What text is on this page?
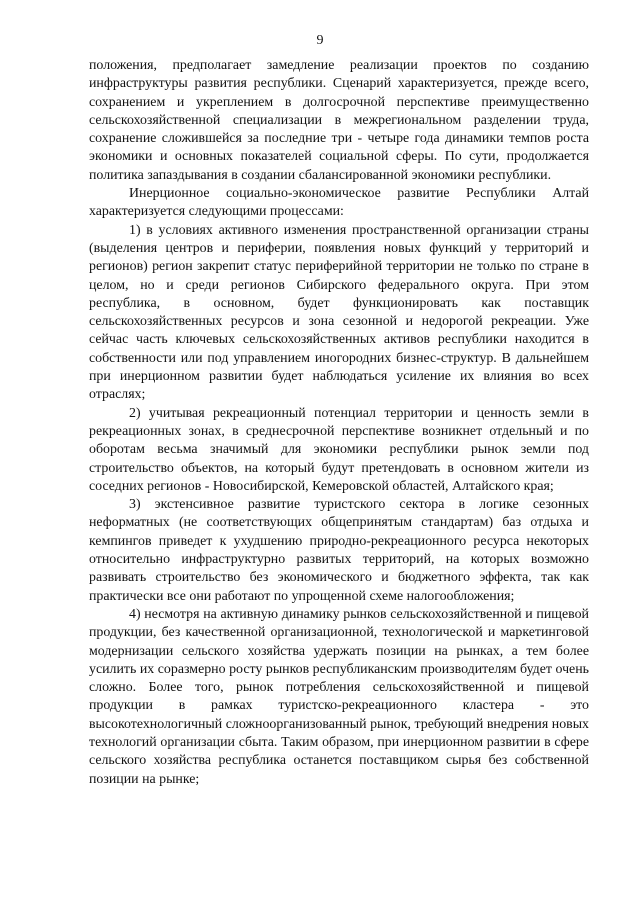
9

положения, предполагает замедление реализации проектов по созданию инфраструктуры развития республики. Сценарий характеризуется, прежде всего, сохранением и укреплением в долгосрочной перспективе преимущественно сельскохозяйственной специализации в межрегиональном разделении труда, сохранение сложившейся за последние три - четыре года динамики темпов роста экономики и основных показателей социальной сферы. По сути, продолжается политика запаздывания в создании сбалансированной экономики республики.

Инерционное социально-экономическое развитие Республики Алтай характеризуется следующими процессами:

1) в условиях активного изменения пространственной организации страны (выделения центров и периферии, появления новых функций у территорий и регионов) регион закрепит статус периферийной территории не только по стране в целом, но и среди регионов Сибирского федерального округа. При этом республика, в основном, будет функционировать как поставщик сельскохозяйственных ресурсов и зона сезонной и недорогой рекреации. Уже сейчас часть ключевых сельскохозяйственных активов республики находится в собственности или под управлением иногородних бизнес-структур. В дальнейшем при инерционном развитии будет наблюдаться усиление их влияния во всех отраслях;

2) учитывая рекреационный потенциал территории и ценность земли в рекреационных зонах, в среднесрочной перспективе возникнет отдельный и по оборотам весьма значимый для экономики республики рынок земли под строительство объектов, на который будут претендовать в основном жители из соседних регионов - Новосибирской, Кемеровской областей, Алтайского края;

3) экстенсивное развитие туристского сектора в логике сезонных неформатных (не соответствующих общепринятым стандартам) баз отдыха и кемпингов приведет к ухудшению природно-рекреационного ресурса некоторых относительно инфраструктурно развитых территорий, на которых возможно развивать строительство без экономического и бюджетного эффекта, так как практически все они работают по упрощенной схеме налогообложения;

4) несмотря на активную динамику рынков сельскохозяйственной и пищевой продукции, без качественной организационной, технологической и маркетинговой модернизации сельского хозяйства удержать позиции на рынках, а тем более усилить их соразмерно росту рынков республиканским производителям будет очень сложно. Более того, рынок потребления сельскохозяйственной и пищевой продукции в рамках туристско-рекреационного кластера - это высокотехнологичный сложноорганизованный рынок, требующий внедрения новых технологий организации сбыта. Таким образом, при инерционном развитии в сфере сельского хозяйства республика останется поставщиком сырья без собственной позиции на рынке;
